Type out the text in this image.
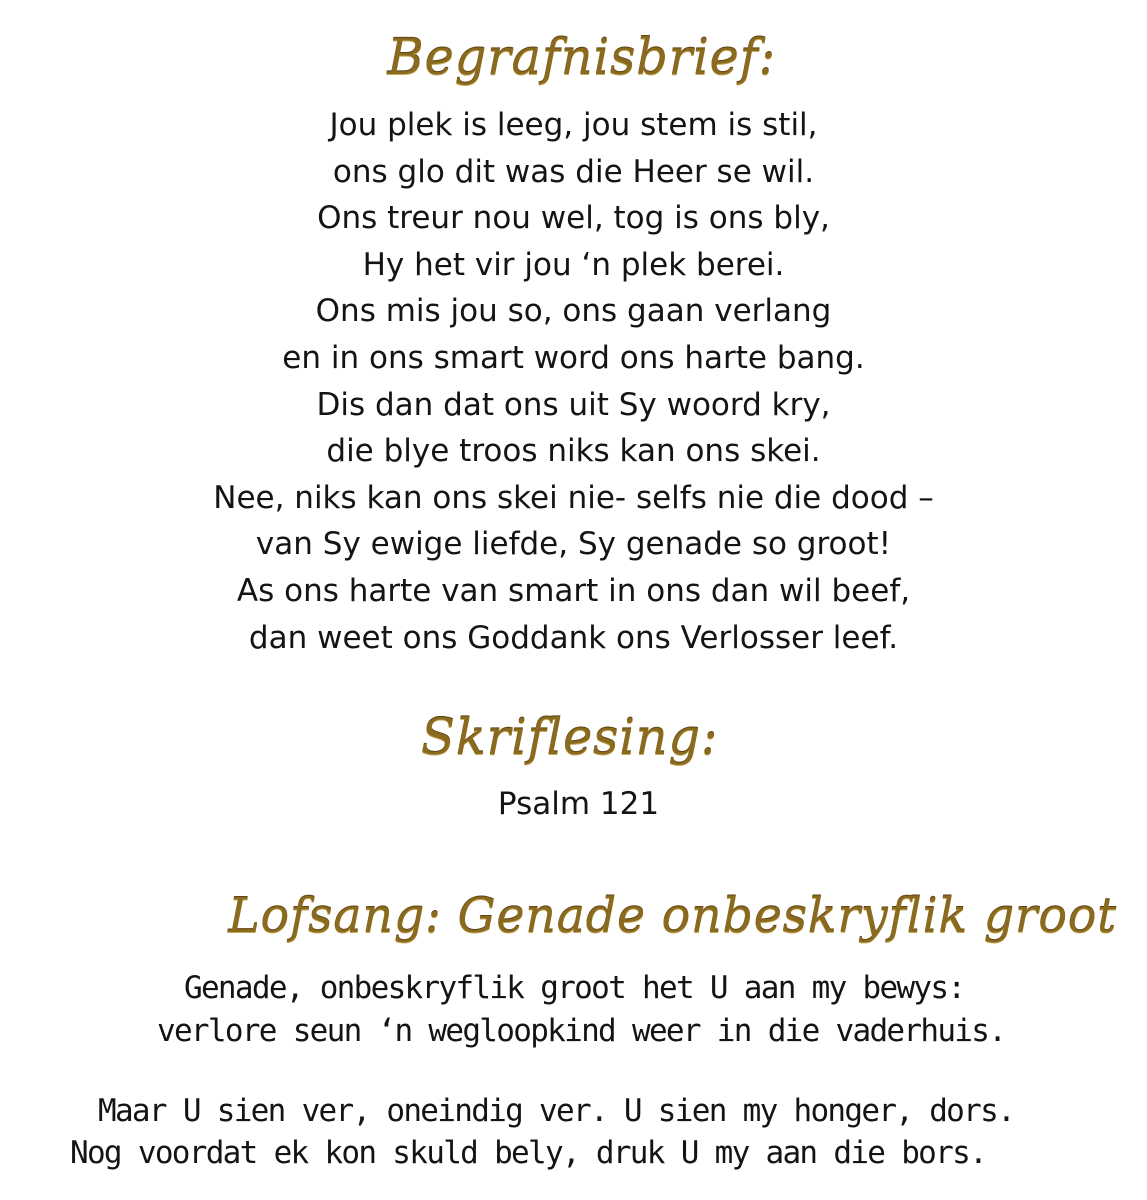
Begrafnisbrief:
Jou plek is leeg, jou stem is stil,
ons glo dit was die Heer se wil.
Ons treur nou wel, tog is ons bly,
Hy het vir jou ‘n plek berei.
Ons mis jou so, ons gaan verlang
en in ons smart word ons harte bang.
Dis dan dat ons uit Sy woord kry,
die blye troos niks kan ons skei.
Nee, niks kan ons skei nie- selfs nie die dood –
van Sy ewige liefde, Sy genade so groot!
As ons harte van smart in ons dan wil beef,
dan weet ons Goddank ons Verlosser leef.
Skriflesing:
Psalm 121
Lofsang: Genade onbeskryflik groot
Genade, onbeskryflik groot het U aan my bewys:
verlore seun ‘n wegloopkind weer in die vaderhuis.
Maar U sien ver, oneindig ver. U sien my honger, dors.
Nog voordat ek kon skuld bely, druk U my aan die bors.
